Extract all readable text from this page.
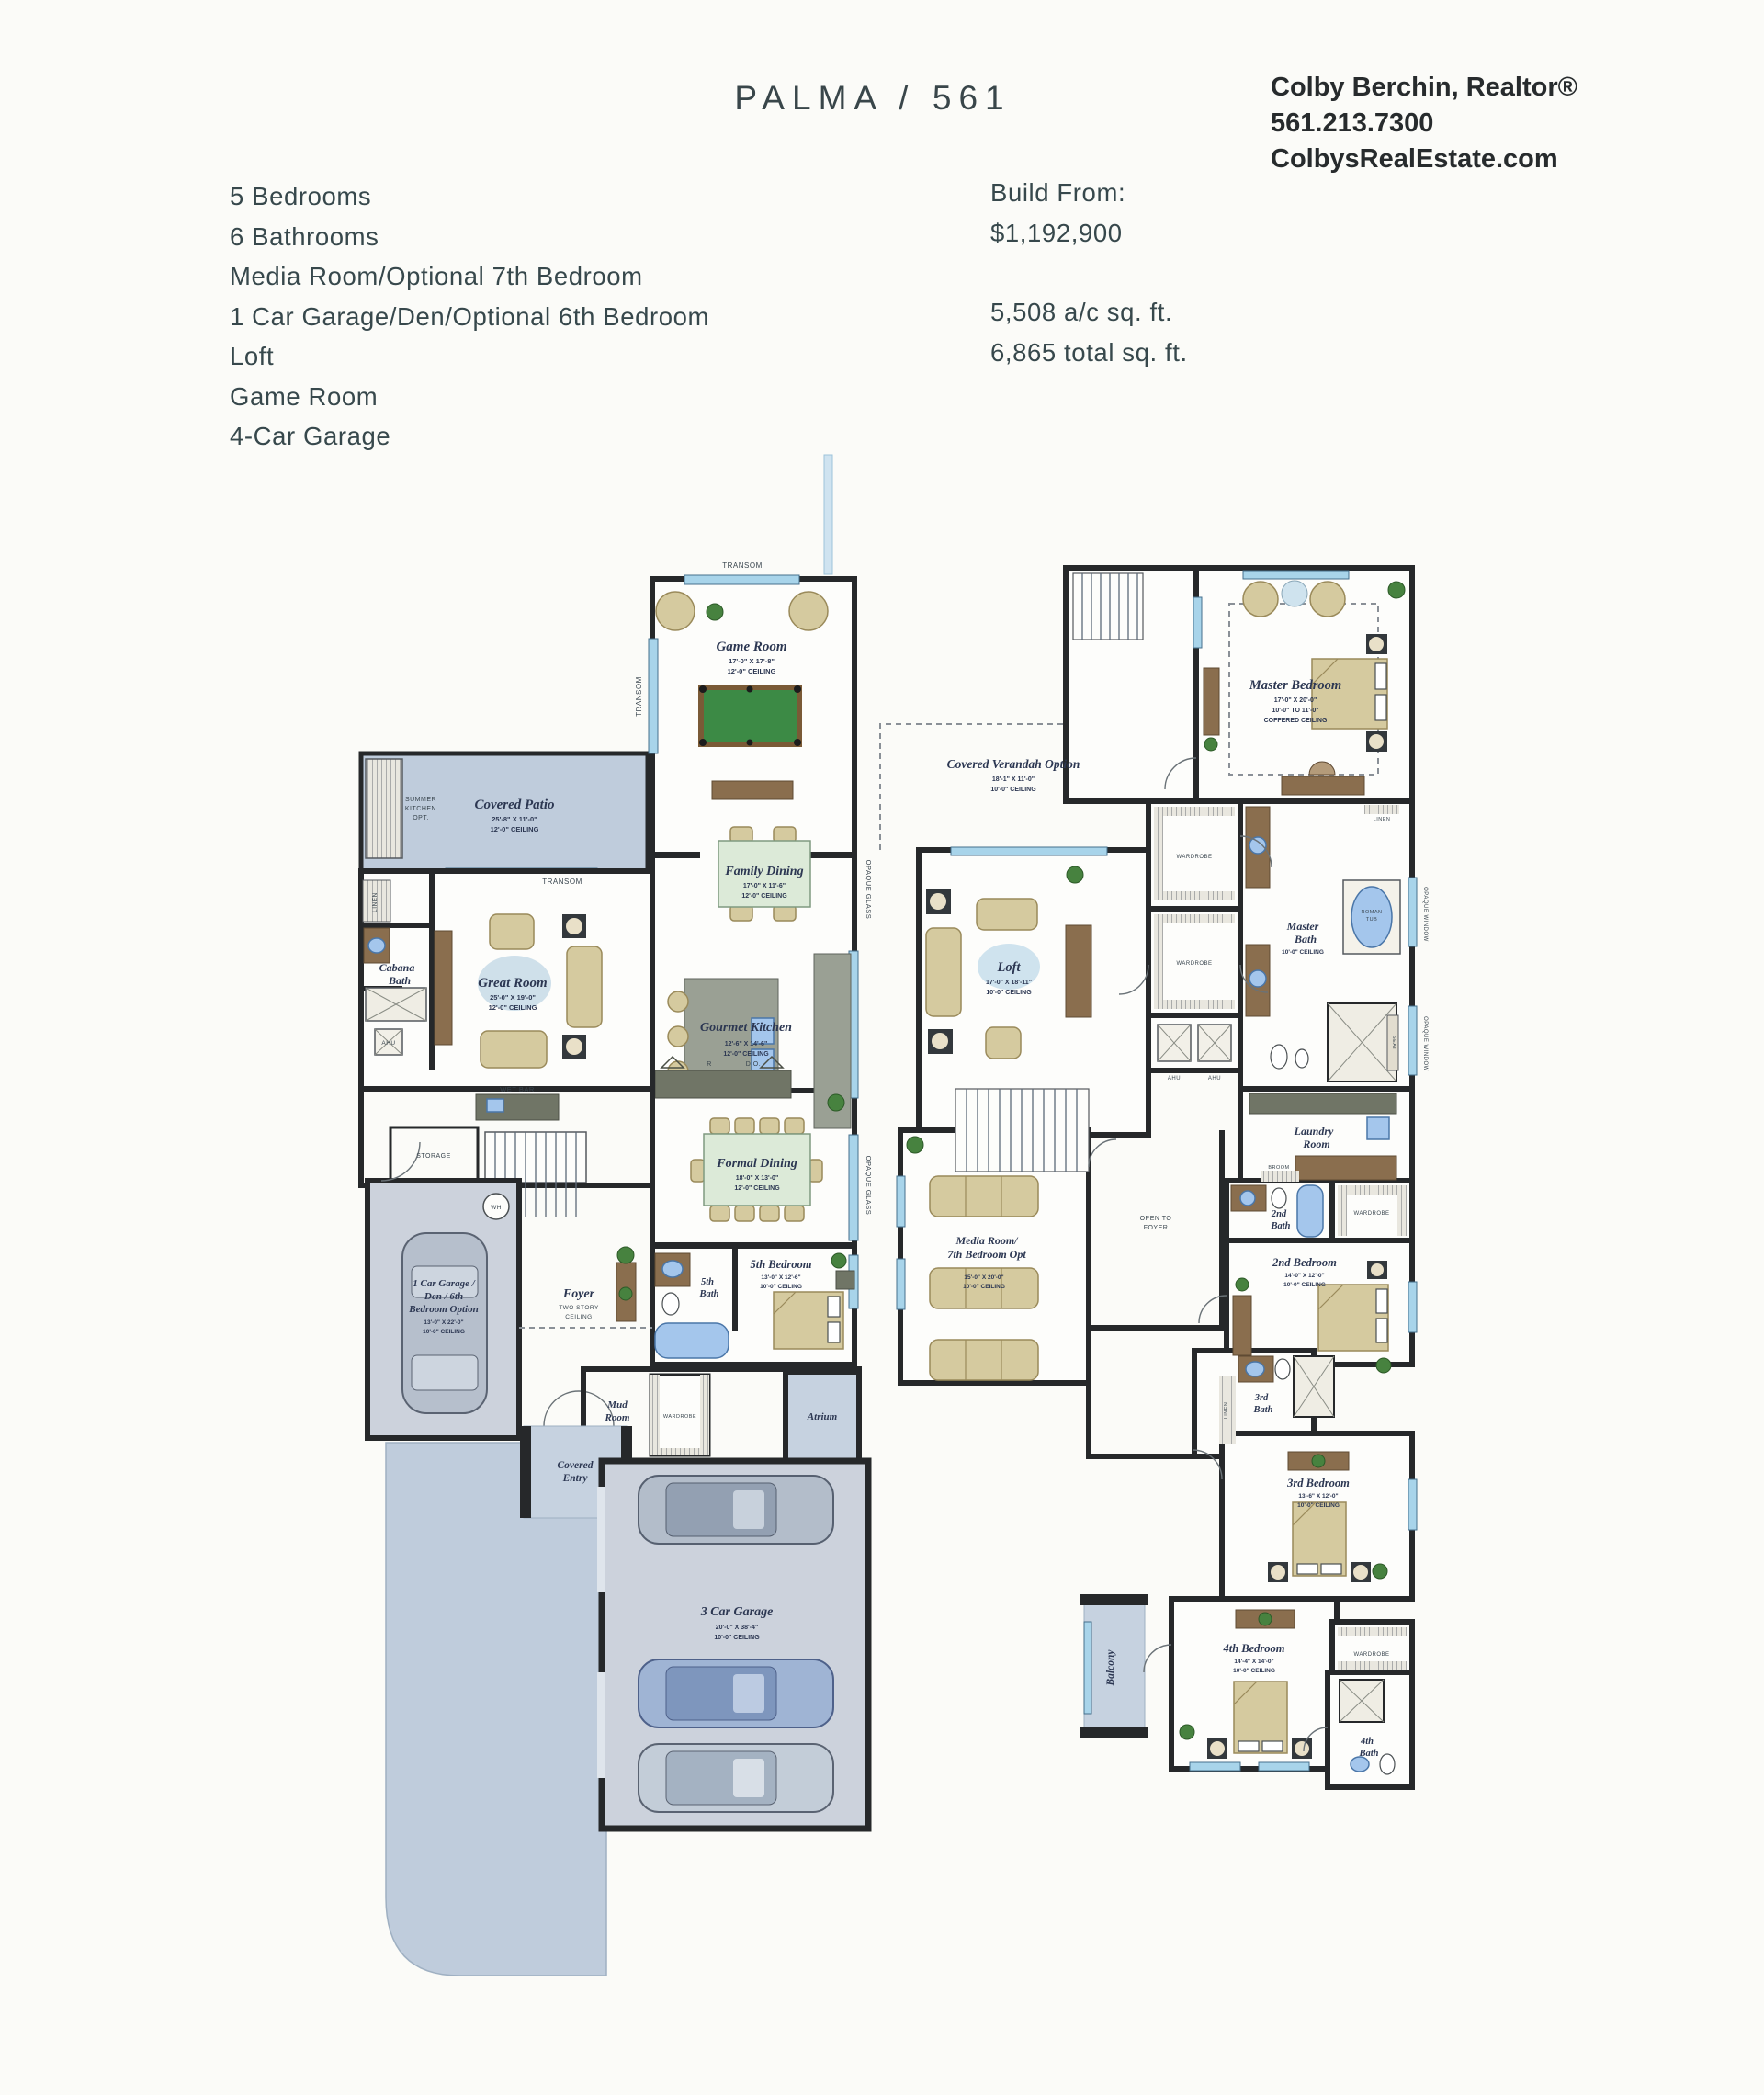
PALMA / 561	Colby Berchin, Realtor®
561.213.7300
ColbysRealEstate.com
5 Bedrooms
6 Bathrooms
Media Room/Optional 7th Bedroom
1 Car Garage/Den/Optional 6th Bedroom
Loft
Game Room
4-Car Garage
Build From:
$1,192,900
5,508 a/c sq. ft.
6,865 total sq. ft.
TRANSOM
TRANSOM
TRANSOM	OPAQUE GLASS
OPAQUE GLASS
Game Room
17'-0" X 17'-8"
12'-0" CEILING
Covered Patio
25'-8" X 11'-0"
12'-0" CEILING
SUMMER
KITCHEN
OPT.
Family Dining
17'-0" X 11'-6"
12'-0" CEILING
Great Room
25'-0" X 19'-0"
12'-0" CEILING
Cabana
Bath
LINEN
AHU
Gourmet Kitchen
12'-6" X 14'-6"
12'-0" CEILING
R	D.O.
WET BAR
STORAGE
Formal Dining
18'-0" X 13'-0"
12'-0" CEILING
1 Car Garage /
Den / 6th
Bedroom Option
13'-0" X 22'-0"
10'-0" CEILING
WH
Foyer
TWO STORY
CEILING
5th
Bath
5th Bedroom
13'-0" X 12'-6"
10'-0" CEILING
Covered
Entry
Mud
Room	WARDROBE	Atrium
3 Car Garage
20'-0" X 38'-4"
10'-0" CEILING
Master Bedroom
17'-0" X 20'-0"
10'-0" TO 11'-0"
COFFERED CEILING
Covered Verandah Option
18'-1" X 11'-0"
10'-0" CEILING
Loft
17'-0" X 18'-11"
10'-0" CEILING
WARDROBE
WARDROBE
AHU	AHU
LINEN
Master
Bath
10'-0" CEILING
ROMAN
TUB
SEAT
OPAQUE WINDOW
OPAQUE WINDOW
Laundry
Room
BROOM
2nd
Bath
WARDROBE
2nd Bedroom
14'-0" X 12'-0"
10'-0" CEILING
Media Room/
7th Bedroom Opt
15'-0" X 20'-0"
10'-0" CEILING
OPEN TO
FOYER
3rd
Bath
LINEN
3rd Bedroom
13'-6" X 12'-0"
10'-0" CEILING
Balcony
4th Bedroom
14'-4" X 14'-0"
10'-0" CEILING
WARDROBE
4th
Bath
